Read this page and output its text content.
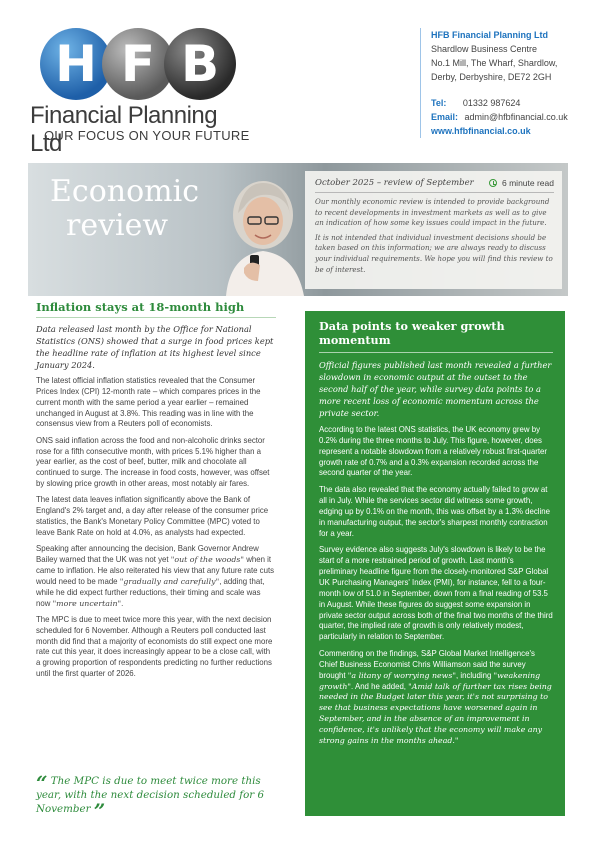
H F B
Financial Planning Ltd
OUR FOCUS ON YOUR FUTURE
HFB Financial Planning Ltd
Shardlow Business Centre
No.1 Mill, The Wharf, Shardlow,
Derby, Derbyshire, DE72 2GH
Tel: 01332 987624
Email: admin@hfbfinancial.co.uk
www.hfbfinancial.co.uk
Economic
review
October 2025 – review of September	6 minute read

Our monthly economic review is intended to provide background to recent developments in investment markets as well as to give an indication of how some key issues could impact in the future.

It is not intended that individual investment decisions should be taken based on this information; we are always ready to discuss your individual requirements. We hope you will find this review to be of interest.

Inflation stays at 18-month high

Data released last month by the Office for National Statistics (ONS) showed that a surge in food prices kept the headline rate of inflation at its highest level since January 2024.

The latest official inflation statistics revealed that the Consumer Prices Index (CPI) 12-month rate – which compares prices in the current month with the same period a year earlier – remained unchanged in August at 3.8%. This reading was in line with the consensus view from a Reuters poll of economists.

ONS said inflation across the food and non-alcoholic drinks sector rose for a fifth consecutive month, with prices 5.1% higher than a year earlier, as the cost of beef, butter, milk and chocolate all continued to surge. The increase in food costs, however, was offset by slowing price growth in other areas, most notably air fares.

The latest data leaves inflation significantly above the Bank of England's 2% target and, a day after release of the consumer price statistics, the Bank's Monetary Policy Committee (MPC) voted to leave Bank Rate on hold at 4.0%, as analysts had expected.

Speaking after announcing the decision, Bank Governor Andrew Bailey warned that the UK was not yet "out of the woods" when it came to inflation. He also reiterated his view that any future rate cuts would need to be made "gradually and carefully", adding that, while he did expect further reductions, their timing and scale was now "more uncertain".

The MPC is due to meet twice more this year, with the next decision scheduled for 6 November. Although a Reuters poll conducted last month did find that a majority of economists do still expect one more rate cut this year, it does increasingly appear to be a close call, with a growing proportion of respondents predicting no further reductions until the first quarter of 2026.

“ The MPC is due to meet twice more this year, with the next decision scheduled for 6 November ”
Data points to weaker growth momentum

Official figures published last month revealed a further slowdown in economic output at the outset to the second half of the year, while survey data points to a more recent loss of economic momentum across the private sector.

According to the latest ONS statistics, the UK economy grew by 0.2% during the three months to July. This figure, however, does represent a notable slowdown from a relatively robust first-quarter growth rate of 0.7% and a 0.3% expansion recorded across the second quarter of the year.

The data also revealed that the economy actually failed to grow at all in July. While the services sector did witness some growth, edging up by 0.1% on the month, this was offset by a 1.3% decline in manufacturing output, the sector's sharpest monthly contraction for a year.

Survey evidence also suggests July's slowdown is likely to be the start of a more restrained period of growth. Last month's preliminary headline figure from the closely-monitored S&P Global UK Purchasing Managers' Index (PMI), for instance, fell to a four-month low of 51.0 in September, down from a final reading of 53.5 in August. While these figures do suggest some expansion in private sector output across both of the final two months of the third quarter, the implied rate of growth is only relatively modest, particularly in relation to September.

Commenting on the findings, S&P Global Market Intelligence's Chief Business Economist Chris Williamson said the survey brought "a litany of worrying news", including "weakening growth". And he added, "Amid talk of further tax rises being needed in the Budget later this year, it's not surprising to see that business expectations have worsened again in September, and in the absence of an improvement in confidence, it's unlikely that the economy will make any strong gains in the months ahead."
